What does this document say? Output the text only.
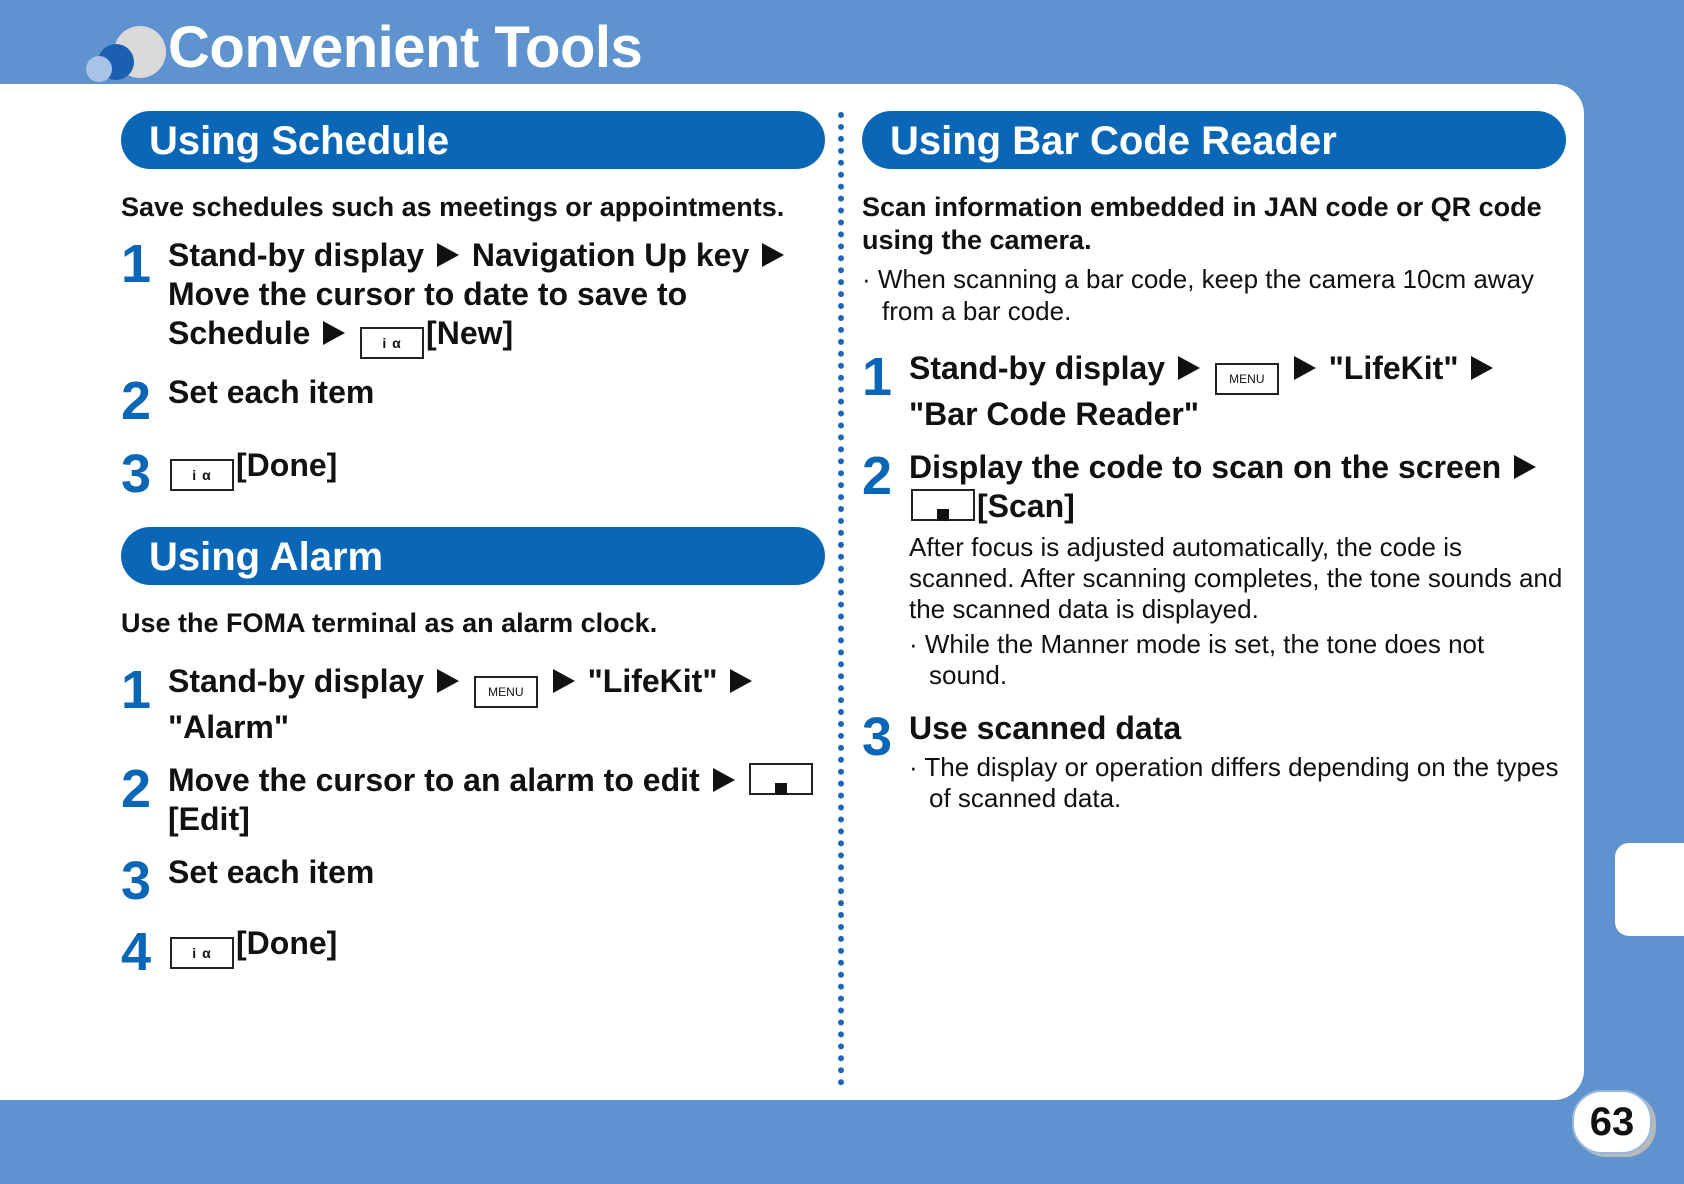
Convenient Tools
63
Using Schedule

Save schedules such as meetings or appointments.

1 Stand-by display Navigation Up key  Move the cursor to date to save to Schedule	i α [New]
2 Set each item
3	i α [Done]
Using Alarm

Use the FOMA terminal as an alarm clock.

1 Stand-by display	MENU "LifeKit"  "Alarm"
2 Move the cursor to an alarm to edit  [Edit]
3 Set each item
4	i α [Done]
Using Bar Code Reader

Scan information embedded in JAN code or QR code using the camera.

· When scanning a bar code, keep the camera 10cm away from a bar code.

1 Stand-by display	MENU "LifeKit"  "Bar Code Reader"
2 Display the code to scan on the screen  [Scan]
After focus is adjusted automatically, the code is scanned. After scanning completes, the tone sounds and the scanned data is displayed.
· While the Manner mode is set, the tone does not sound.
3 Use scanned data
· The display or operation differs depending on the types of scanned data.
